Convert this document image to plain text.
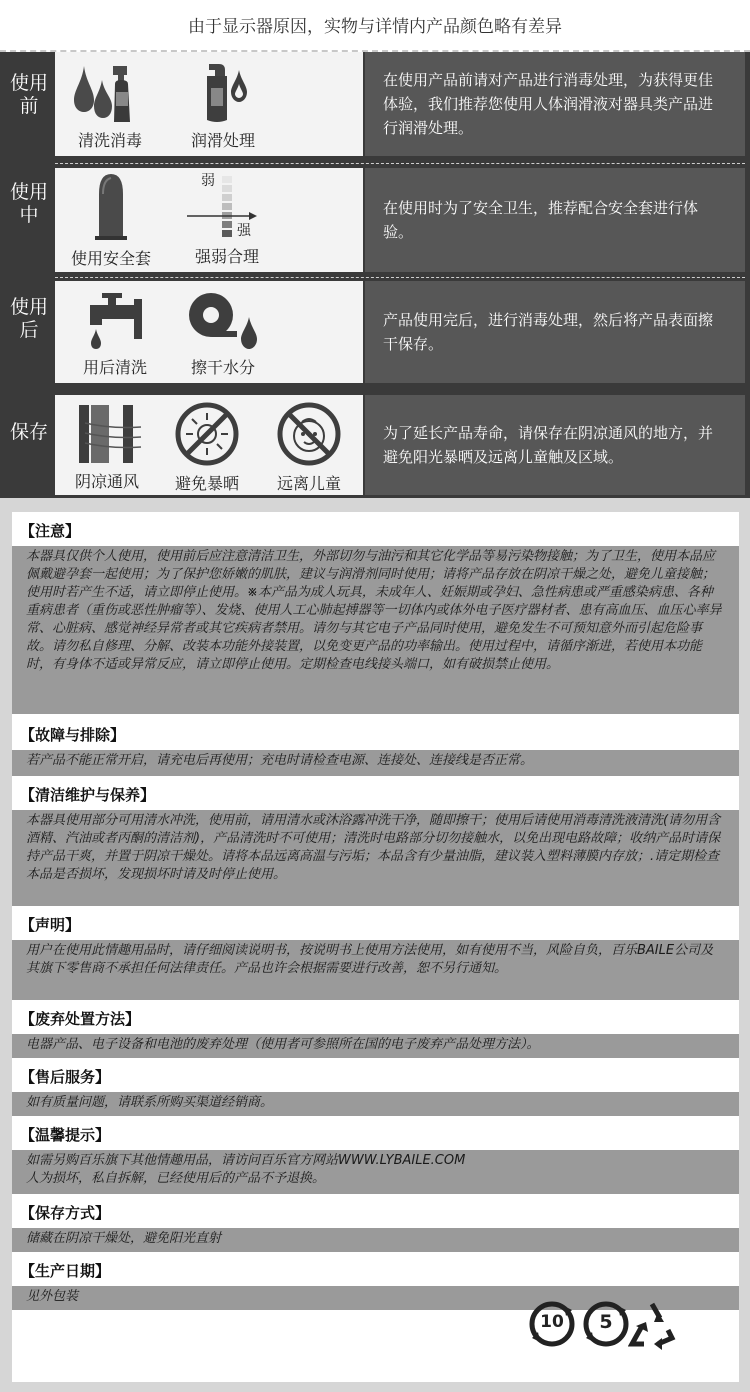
由于显示器原因，实物与详情内产品颜色略有差异
使用前
清洗消毒	润滑处理
在使用产品前请对产品进行消毒处理，为获得更佳体验，我们推荐您使用人体润滑液对器具类产品进行润滑处理。
使用中
使用安全套
弱
强
强弱合理
在使用时为了安全卫生，推荐配合安全套进行体验。
使用后
用后清洗	擦干水分
产品使用完后，进行消毒处理，然后将产品表面擦干保存。
保存
阴凉通风	避免暴晒	远离儿童
为了延长产品寿命，请保存在阴凉通风的地方，并避免阳光暴晒及远离儿童触及区域。
【注意】
本器具仅供个人使用，使用前后应注意清洁卫生，外部切勿与油污和其它化学品等易污染物接触；为了卫生，使用本品应佩戴避孕套一起使用；为了保护您娇嫩的肌肤，建议与润滑剂同时使用；请将产品存放在阴凉干燥之处，避免儿童接触；使用时若产生不适，请立即停止使用。※本产品为成人玩具，未成年人、妊娠期或孕妇、急性病患或严重感染病患、各种重病患者（重伤或恶性肿瘤等）、发烧、使用人工心肺起搏器等一切体内或体外电子医疗器材者、患有高血压、血压心率异常、心脏病、感觉神经异常者或其它疾病者禁用。请勿与其它电子产品同时使用，避免发生不可预知意外而引起危险事故。请勿私自修理、分解、改装本功能外接装置，以免变更产品的功率输出。使用过程中，请循序渐进，若使用本功能时，有身体不适或异常反应，请立即停止使用。定期检查电线接头端口，如有破损禁止使用。
【故障与排除】
若产品不能正常开启，请充电后再使用；充电时请检查电源、连接处、连接线是否正常。
【清洁维护与保养】
本器具使用部分可用清水冲洗，使用前，请用清水或沐浴露冲洗干净，随即擦干；使用后请使用消毒清洗液清洗(请勿用含酒精、汽油或者丙酮的清洁剂)，产品清洗时不可使用；清洗时电路部分切勿接触水，以免出现电路故障；收纳产品时请保持产品干爽，并置于阴凉干燥处。请将本品远离高温与污垢；本品含有少量油脂，建议装入塑料薄膜内存放；.请定期检查本品是否损坏，发现损坏时请及时停止使用。
【声明】
用户在使用此情趣用品时，请仔细阅读说明书，按说明书上使用方法使用，如有使用不当，风险自负，百乐BAILE公司及其旗下零售商不承担任何法律责任。产品也许会根据需要进行改善，恕不另行通知。
【废弃处置方法】
电器产品、电子设备和电池的废弃处理（使用者可参照所在国的电子废弃产品处理方法）。
【售后服务】
如有质量问题，请联系所购买渠道经销商。
【温馨提示】
如需另购百乐旗下其他情趣用品，请访问百乐官方网站WWW.LYBAILE.COM
人为损坏，私自拆解，已经使用后的产品不予退换。
【保存方式】
储藏在阴凉干燥处，避免阳光直射
【生产日期】
见外包装
10	5
